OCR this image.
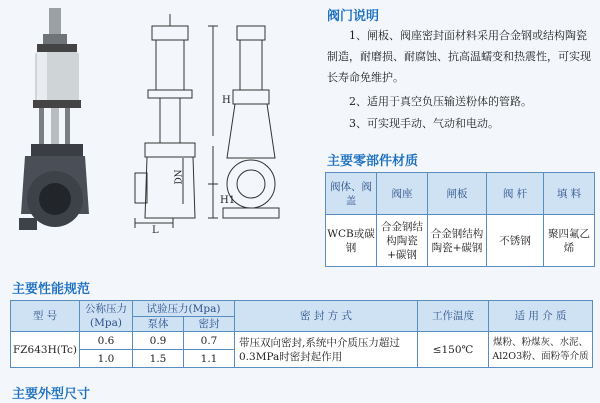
H
H1
DN
L
阀门说明
1、闸板、阀座密封面材料采用合金钢或结构陶瓷制造，耐磨损、耐腐蚀、抗高温蠕变和热震性，可实现长寿命免维护。
2、适用于真空负压输送粉体的管路。
3、可实现手动、气动和电动。
主要零部件材质
阀体、阀盖	阀座	闸板	阀 杆	填 料
WCB或碳钢	合金钢结构陶瓷+碳钢	合金钢结构陶瓷+碳钢	不锈钢	聚四氟乙烯
主要性能规范
型 号	公称压力(Mpa)	试验压力(Mpa)		密 封 方 式	工作温度	适 用 介 质
		泵体	密封			
FZ643H(Tc)	0.6	0.9	0.7	带压双向密封,系统中介质压力超过0.3MPa时密封起作用	≤150℃	煤粉、粉煤灰、水泥、Al2O3粉、面粉等介质
	1.0	1.5	1.1			
主要外型尺寸
